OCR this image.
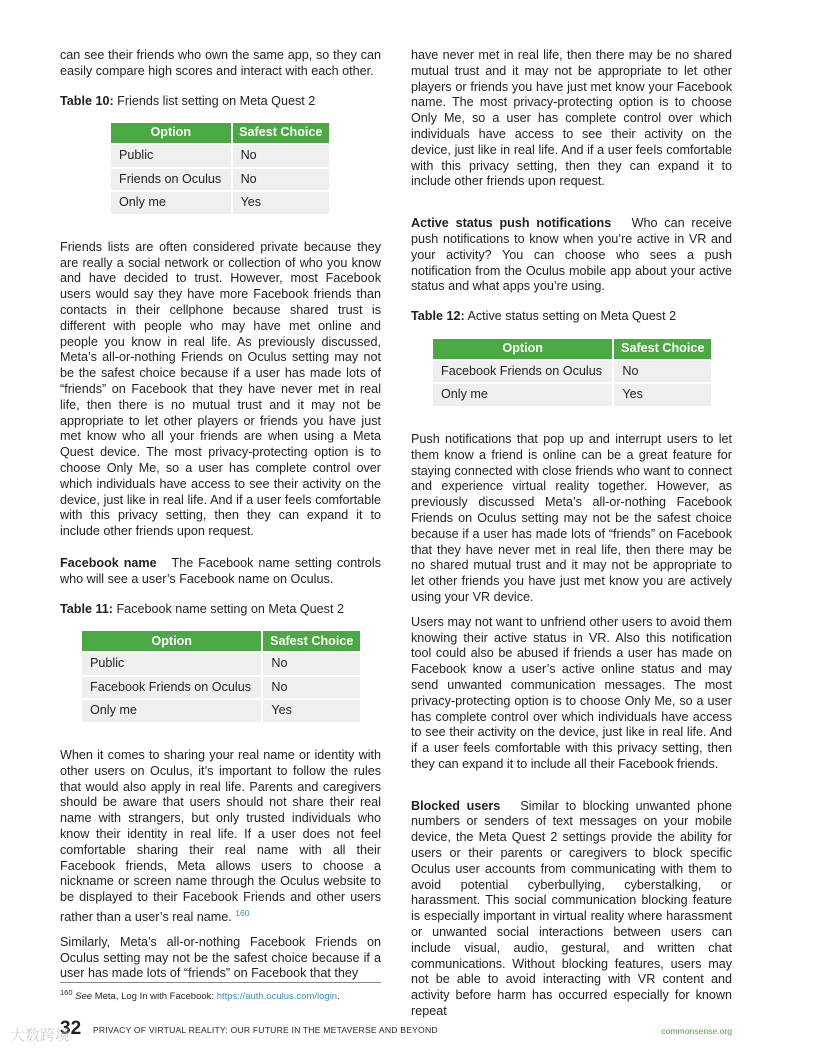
can see their friends who own the same app, so they can easily compare high scores and interact with each other.

Table 10: Friends list setting on Meta Quest 2

Option	Safest Choice
Public	No
Friends on Oculus	No
Only me	Yes

Friends lists are often considered private because they are really a social network or collection of who you know and have decided to trust. However, most Facebook users would say they have more Facebook friends than contacts in their cellphone because shared trust is different with people who may have met online and people you know in real life. As previously discussed, Meta’s all-or-nothing Friends on Oculus setting may not be the safest choice because if a user has made lots of “friends” on Facebook that they have never met in real life, then there is no mutual trust and it may not be appropriate to let other players or friends you have just met know who all your friends are when using a Meta Quest device. The most privacy-protecting option is to choose Only Me, so a user has complete control over which individuals have access to see their activity on the device, just like in real life. And if a user feels comfortable with this privacy setting, then they can expand it to include other friends upon request.

Facebook name The Facebook name setting controls who will see a user’s Facebook name on Oculus.

Table 11: Facebook name setting on Meta Quest 2

Option	Safest Choice
Public	No
Facebook Friends on Oculus	No
Only me	Yes

When it comes to sharing your real name or identity with other users on Oculus, it’s important to follow the rules that would also apply in real life. Parents and caregivers should be aware that users should not share their real name with strangers, but only trusted individuals who know their identity in real life. If a user does not feel comfortable sharing their real name with all their Facebook friends, Meta allows users to choose a nickname or screen name through the Oculus website to be displayed to their Facebook Friends and other users rather than a user’s real name. $^{160}$

Similarly, Meta’s all-or-nothing Facebook Friends on Oculus setting may not be the safest choice because if a user has made lots of “friends” on Facebook that they

have never met in real life, then there may be no shared mutual trust and it may not be appropriate to let other players or friends you have just met know your Facebook name. The most privacy-protecting option is to choose Only Me, so a user has complete control over which individuals have access to see their activity on the device, just like in real life. And if a user feels comfortable with this privacy setting, then they can expand it to include other friends upon request.

Active status push notifications Who can receive push notifications to know when you’re active in VR and your activity? You can choose who sees a push notification from the Oculus mobile app about your active status and what apps you’re using.

Table 12: Active status setting on Meta Quest 2

Option	Safest Choice
Facebook Friends on Oculus	No
Only me	Yes

Push notifications that pop up and interrupt users to let them know a friend is online can be a great feature for staying connected with close friends who want to connect and experience virtual reality together. However, as previously discussed Meta’s all-or-nothing Facebook Friends on Oculus setting may not be the safest choice because if a user has made lots of “friends” on Facebook that they have never met in real life, then there may be no shared mutual trust and it may not be appropriate to let other friends you have just met know you are actively using your VR device.

Users may not want to unfriend other users to avoid them knowing their active status in VR. Also this notification tool could also be abused if friends a user has made on Facebook know a user’s active online status and may send unwanted communication messages. The most privacy-protecting option is to choose Only Me, so a user has complete control over which individuals have access to see their activity on the device, just like in real life. And if a user feels comfortable with this privacy setting, then they can expand it to include all their Facebook friends.

Blocked users Similar to blocking unwanted phone numbers or senders of text messages on your mobile device, the Meta Quest 2 settings provide the ability for users or their parents or caregivers to block specific Oculus user accounts from communicating with them to avoid potential cyberbullying, cyberstalking, or harassment. This social communication blocking feature is especially important in virtual reality where harassment or unwanted social interactions between users can include visual, audio, gestural, and written chat communications. Without blocking features, users may not be able to avoid interacting with VR content and activity before harm has occurred especially for known repeat

$^{160}$ See Meta, Log In with Facebook: https://auth.oculus.com/login.
32 PRIVACY OF VIRTUAL REALITY: OUR FUTURE IN THE METAVERSE AND BEYOND	commonsense.org
大数跨境
